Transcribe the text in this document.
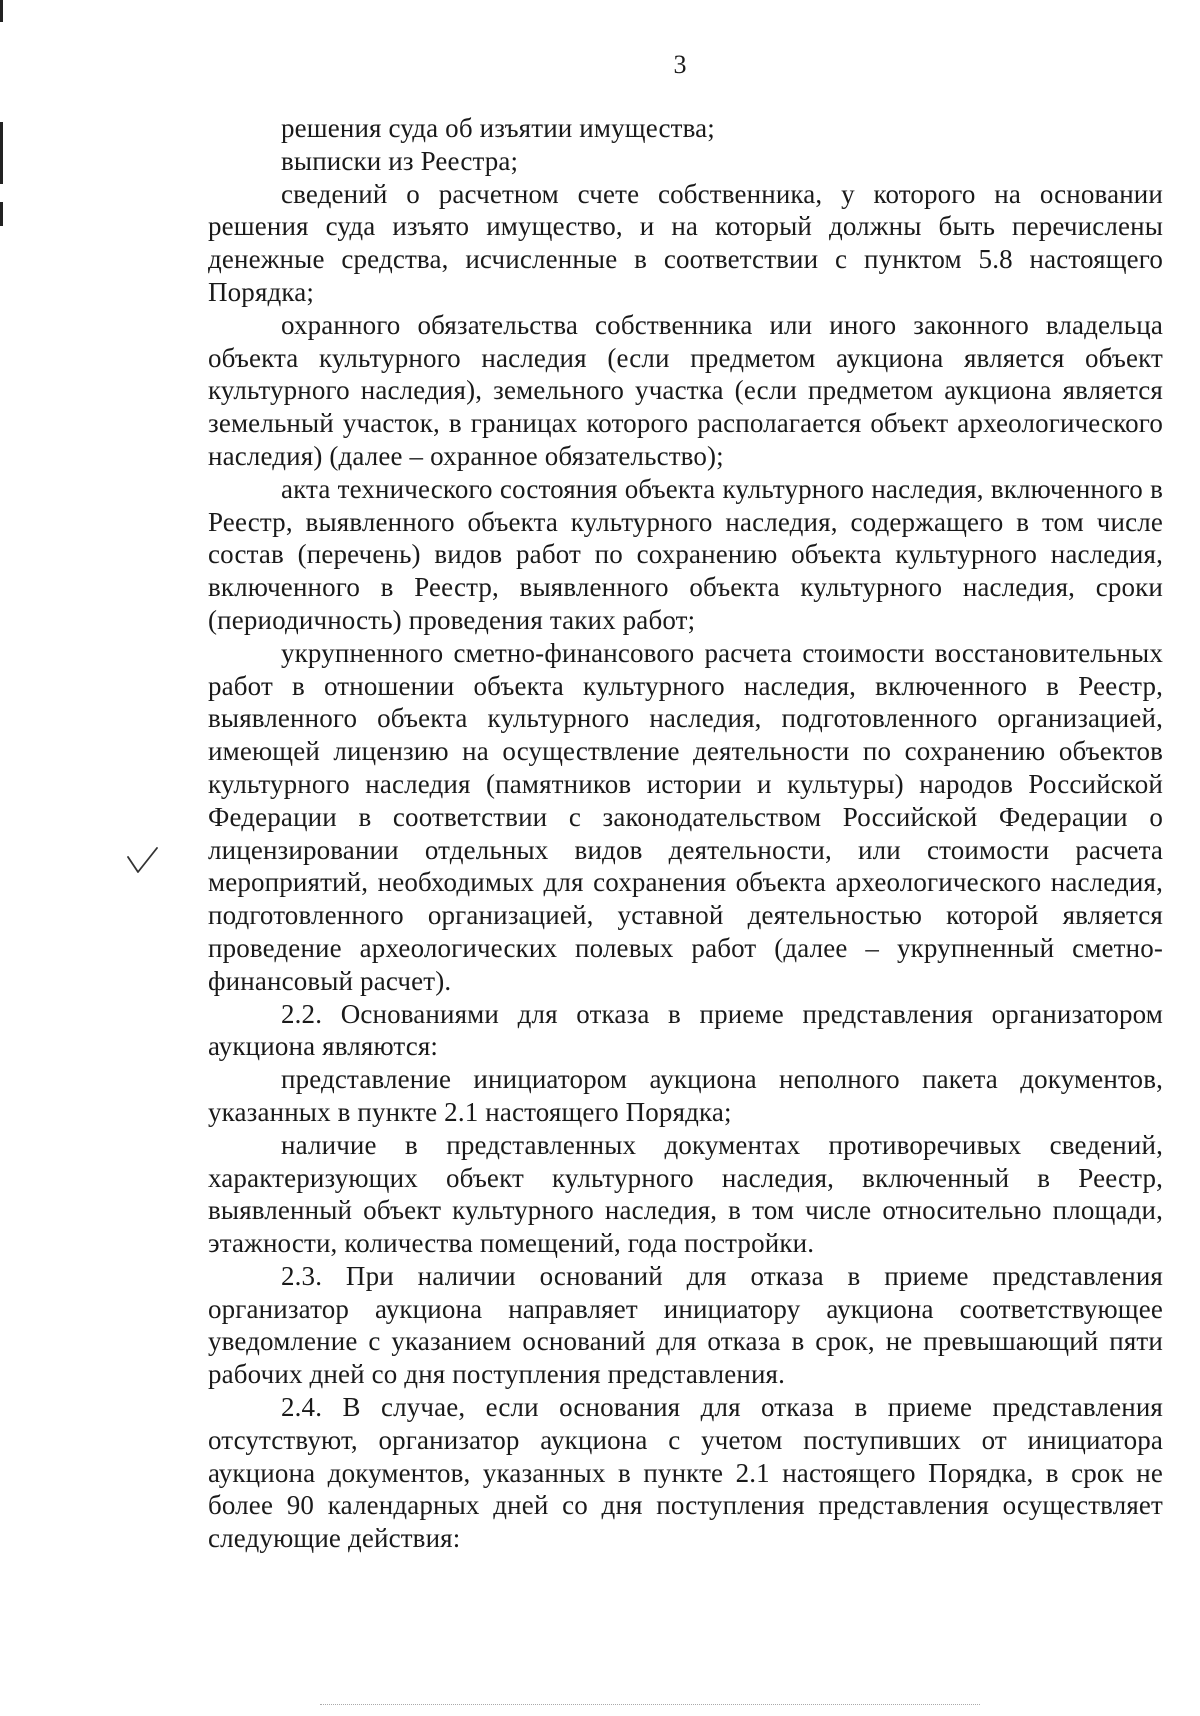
3

решения суда об изъятии имущества;

выписки из Реестра;

сведений о расчетном счете собственника, у которого на основании решения суда изъято имущество, и на который должны быть перечислены денежные средства, исчисленные в соответствии с пунктом 5.8 настоящего Порядка;

охранного обязательства собственника или иного законного владельца объекта культурного наследия (если предметом аукциона является объект культурного наследия), земельного участка (если предметом аукциона является земельный участок, в границах которого располагается объект археологического наследия) (далее – охранное обязательство);

акта технического состояния объекта культурного наследия, включенного в Реестр, выявленного объекта культурного наследия, содержащего в том числе состав (перечень) видов работ по сохранению объекта культурного наследия, включенного в Реестр, выявленного объекта культурного наследия, сроки (периодичность) проведения таких работ;

укрупненного сметно-финансового расчета стоимости восстановительных работ в отношении объекта культурного наследия, включенного в Реестр, выявленного объекта культурного наследия, подготовленного организацией, имеющей лицензию на осуществление деятельности по сохранению объектов культурного наследия (памятников истории и культуры) народов Российской Федерации в соответствии с законодательством Российской Федерации о лицензировании отдельных видов деятельности, или стоимости расчета мероприятий, необходимых для сохранения объекта археологического наследия, подготовленного организацией, уставной деятельностью которой является проведение археологических полевых работ (далее – укрупненный сметно-финансовый расчет).

2.2. Основаниями для отказа в приеме представления организатором аукциона являются:

представление инициатором аукциона неполного пакета документов, указанных в пункте 2.1 настоящего Порядка;

наличие в представленных документах противоречивых сведений, характеризующих объект культурного наследия, включенный в Реестр, выявленный объект культурного наследия, в том числе относительно площади, этажности, количества помещений, года постройки.

2.3. При наличии оснований для отказа в приеме представления организатор аукциона направляет инициатору аукциона соответствующее уведомление с указанием оснований для отказа в срок, не превышающий пяти рабочих дней со дня поступления представления.

2.4. В случае, если основания для отказа в приеме представления отсутствуют, организатор аукциона с учетом поступивших от инициатора аукциона документов, указанных в пункте 2.1 настоящего Порядка, в срок не более 90 календарных дней со дня поступления представления осуществляет следующие действия:
